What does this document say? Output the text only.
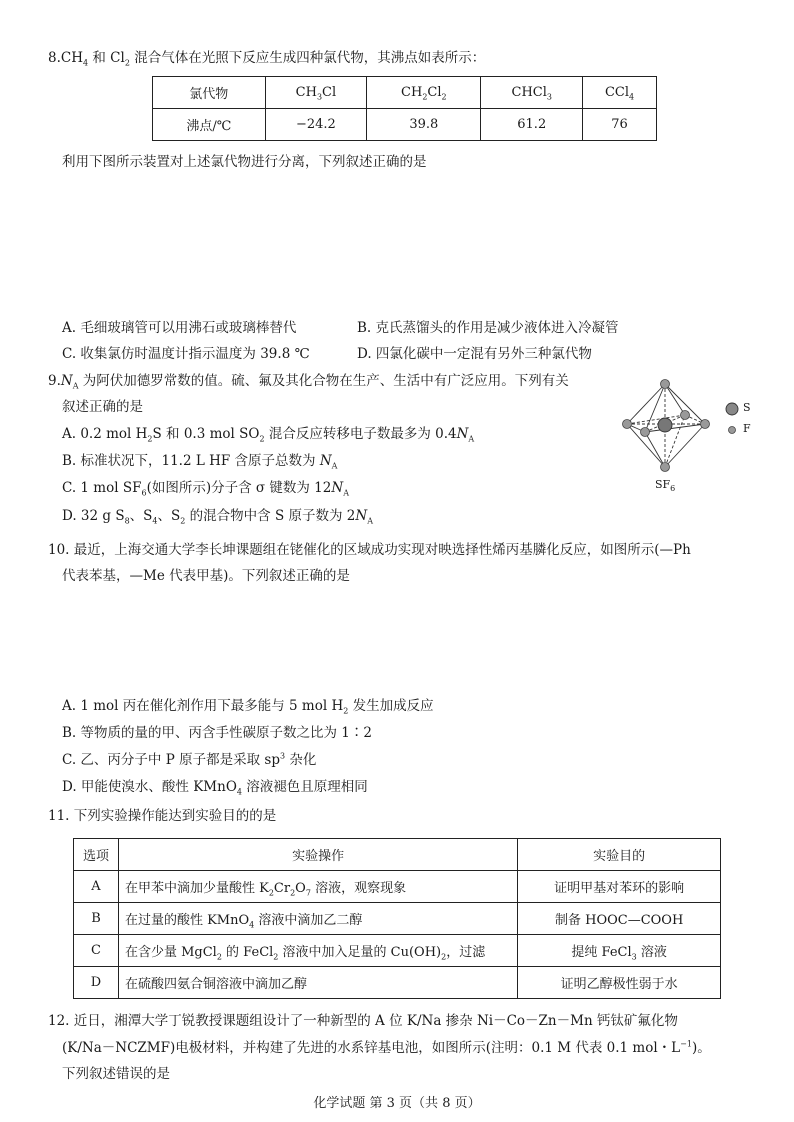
$8.CH_4$ 和 $Cl_2$ 混合气体在光照下反应生成四种氯代物，其沸点如表所示：
氯代物	$CH_3Cl$	$CH_2Cl_2$	CHCl$_3$	CCl$_4$
沸点/℃	−24.2	39.8	61.2	76
利用下图所示装置对上述氯代物进行分离，下列叙述正确的是
A. 毛细玻璃管可以用沸石或玻璃棒替代	B. 克氏蒸馏头的作用是减少液体进入冷凝管
C. 收集氯仿时温度计指示温度为 39.8 ℃	D. 四氯化碳中一定混有另外三种氯代物
$9.N_A$ 为阿伏加德罗常数的值。硫、氟及其化合物在生产、生活中有广泛应用。下列有关
叙述正确的是
A. 0.2 mol $H_2S$ 和 0.3 mol $SO_2$ 混合反应转移电子数最多为 $0.4N_A$
B. 标准状况下，11.2 L HF 含原子总数为 $N_A$
C. 1 mol $SF_6$(如图所示)分子含 σ 键数为 $12N_A$
D. 32 g $S_8$、$S_4$、$S_2$ 的混合物中含 S 原子数为 $2N_A$
S
F
$SF_6$
10. 最近，上海交通大学李长坤课题组在铑催化的区域成功实现对映选择性烯丙基膦化反应，如图所示(—Ph
代表苯基，—Me 代表甲基)。下列叙述正确的是
A. 1 mol 丙在催化剂作用下最多能与 5 mol $H_2$ 发生加成反应
B. 等物质的量的甲、丙含手性碳原子数之比为 1∶2
C. 乙、丙分子中 P 原子都是采取 $sp^3$ 杂化
D. 甲能使溴水、酸性 KMnO$_4$ 溶液褪色且原理相同
11. 下列实验操作能达到实验目的的是
选项	实验操作	实验目的
A	在甲苯中滴加少量酸性 $K_2Cr_2O_7$ 溶液，观察现象	证明甲基对苯环的影响
B	在过量的酸性 KMnO$_4$ 溶液中滴加乙二醇	制备 HOOC—COOH
C	在含少量 MgCl$_2$ 的 FeCl$_2$ 溶液中加入足量的 $Cu(OH)_2$，过滤	提纯 FeCl$_3$ 溶液
D	在硫酸四氨合铜溶液中滴加乙醇	证明乙醇极性弱于水
12. 近日，湘潭大学丁锐教授课题组设计了一种新型的 A 位 K/Na 掺杂 Ni－Co－Zn－Mn 钙钛矿氟化物
(K/Na－NCZMF)电极材料，并构建了先进的水系锌基电池，如图所示(注明：0.1 M 代表 0.1 mol・$L^{-1}$)。
下列叙述错误的是
化学试题 第 3 页（共 8 页）
